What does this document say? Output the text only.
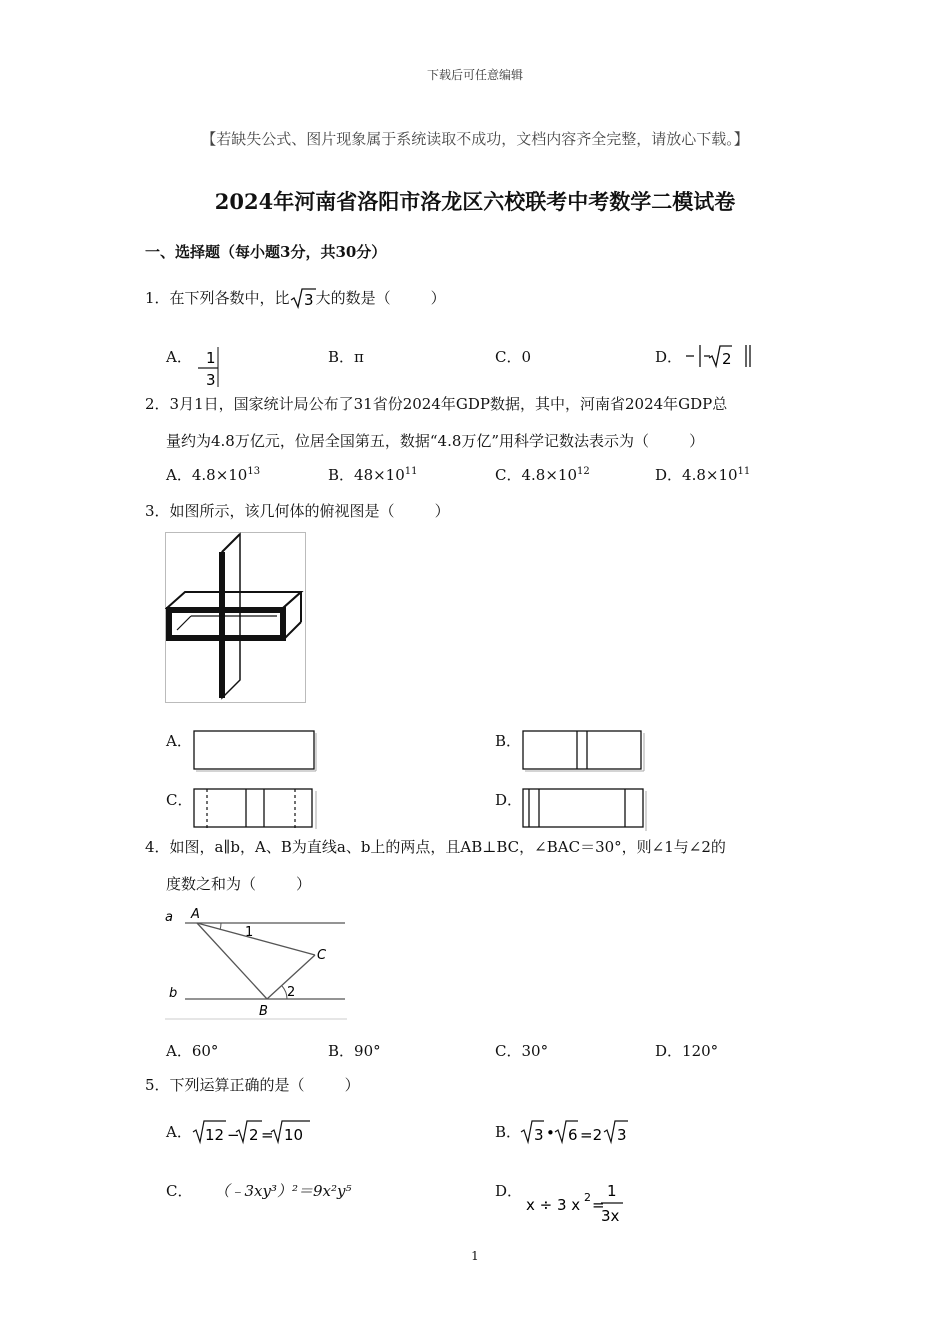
下载后可任意编辑
【若缺失公式、图片现象属于系统读取不成功，文档内容齐全完整，请放心下载。】
2024年河南省洛阳市洛龙区六校联考中考数学二模试卷
一、选择题（每小题3分，共30分）
1．在下列各数中，比 3 大的数是（	）
A． 1
3
B．π	C．0	D．	2
2．3月1日，国家统计局公布了31省份2024年GDP数据，其中，河南省2024年GDP总
量约为4.8万亿元，位居全国第五，数据“4.8万亿”用科学记数法表示为（	）
A．$4.8\times 10^{13}$	B．$48\times 10^{11}$	C．$4.8\times 10^{12}$	D．$4.8\times 10^{11}$
3．如图所示，该几何体的俯视图是（	）
A．	B．
C．	D．
4．如图，a∥b，A、B为直线a、b上的两点，且AB⊥BC，∠BAC＝30°，则∠1与∠2的
度数之和为（	）
a A
1
C
2
b
B
A．60°	B．90°	C．30°	D．120°
5．下列运算正确的是（	）
A． 12 − 2 = 10	B． 3 • 6 =2 3
C． （﹣3xy³）²＝9x²y⁵	D．
x ÷ 3 x 2 =
1
3x
1
